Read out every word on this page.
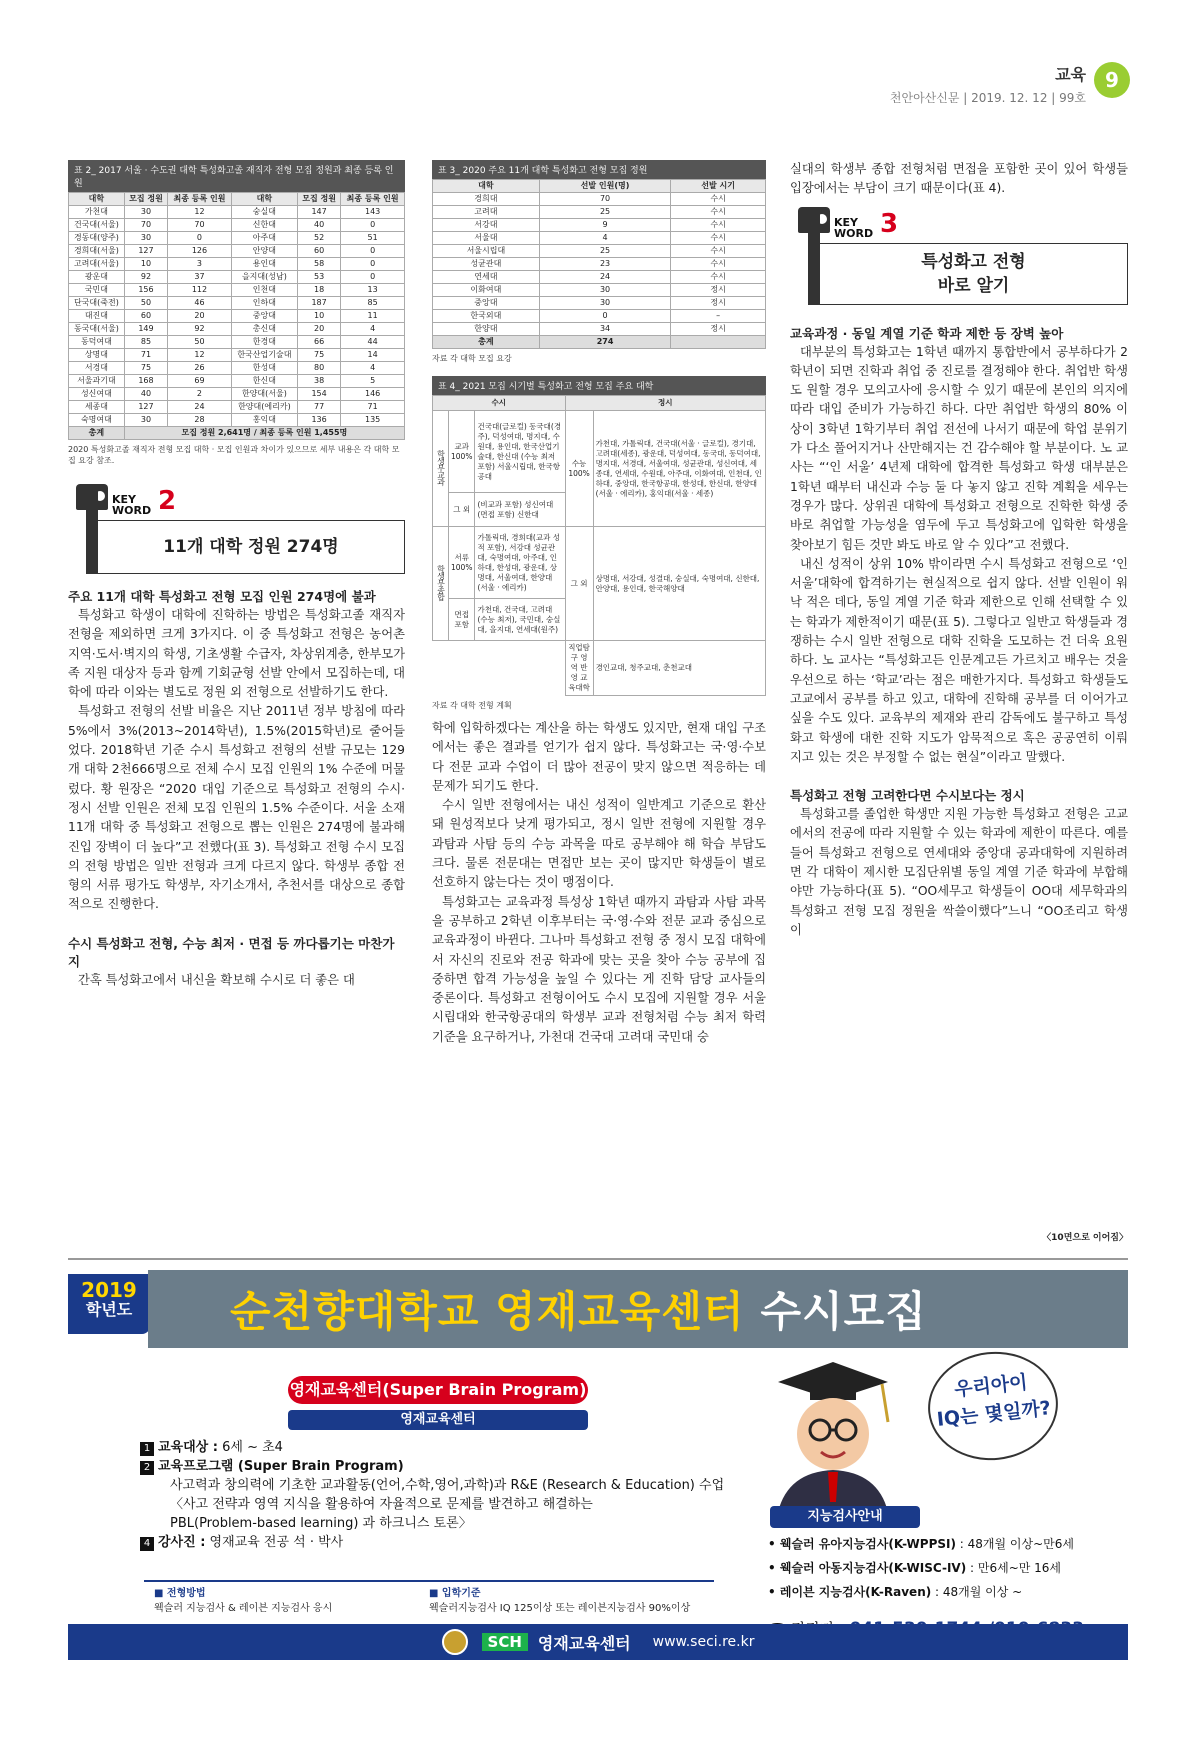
교육
천안아산신문 | 2019. 12. 12 | 99호
9
표 2_ 2017 서울 · 수도권 대학 특성화고졸 재직자 전형 모집 정원과 최종 등록 인원
대학	모집 정원	최종 등록 인원	대학	모집 정원	최종 등록 인원
가천대	30	12	숭실대	147	143
건국대(서울)	70	70	신한대	40	0
경동대(양주)	30	0	아주대	52	51
경희대(서울)	127	126	안양대	60	0
고려대(서울)	10	3	용인대	58	0
광운대	92	37	을지대(성남)	53	0
국민대	156	112	인천대	18	13
단국대(죽전)	50	46	인하대	187	85
대진대	60	20	중앙대	10	11
동국대(서울)	149	92	총신대	20	4
동덕여대	85	50	한경대	66	44
상명대	71	12	한국산업기술대	75	14
서경대	75	26	한성대	80	4
서울과기대	168	69	한신대	38	5
성신여대	40	2	한양대(서울)	154	146
세종대	127	24	한양대(에리카)	77	71
숙명여대	30	28	홍익대	136	135
총계	모집 정원 2,641명 / 최종 등록 인원 1,455명				
2020 특성화고졸 재직자 전형 모집 대학 · 모집 인원과 차이가 있으므로 세부 내용은 각 대학 모집 요강 참조.
KEY
WORD 2
11개 대학 정원 274명
주요 11개 대학 특성화고 전형 모집 인원 274명에 불과

특성화고 학생이 대학에 진학하는 방법은 특성화고졸 재직자 전형을 제외하면 크게 3가지다. 이 중 특성화고 전형은 농어촌 지역·도서·벽지의 학생, 기초생활 수급자, 차상위계층, 한부모가족 지원 대상자 등과 함께 기회균형 선발 안에서 모집하는데, 대학에 따라 이와는 별도로 정원 외 전형으로 선발하기도 한다.

특성화고 전형의 선발 비율은 지난 2011년 정부 방침에 따라 5%에서 3%(2013~2014학년), 1.5%(2015학년)로 줄어들었다. 2018학년 기준 수시 특성화고 전형의 선발 규모는 129개 대학 2천666명으로 전체 수시 모집 인원의 1% 수준에 머물렀다. 황 원장은 “2020 대입 기준으로 특성화고 전형의 수시·정시 선발 인원은 전체 모집 인원의 1.5% 수준이다. 서울 소재 11개 대학 중 특성화고 전형으로 뽑는 인원은 274명에 불과해 진입 장벽이 더 높다”고 전했다(표 3). 특성화고 전형 수시 모집의 전형 방법은 일반 전형과 크게 다르지 않다. 학생부 종합 전형의 서류 평가도 학생부, 자기소개서, 추천서를 대상으로 종합적으로 진행한다.

수시 특성화고 전형, 수능 최저 · 면접 등 까다롭기는 마찬가지

간혹 특성화고에서 내신을 확보해 수시로 더 좋은 대

표 3_ 2020 주요 11개 대학 특성화고 전형 모집 정원
대학	선발 인원(명)	선발 시기
경희대	70	수시
고려대	25	수시
서강대	9	수시
서울대	4	수시
서울시립대	25	수시
성균관대	23	수시
연세대	24	수시
이화여대	30	정시
중앙대	30	정시
한국외대	0	–
한양대	34	정시
총계	274	
자료 각 대학 모집 요강
표 4_ 2021 모집 시기별 특성화고 전형 모집 주요 대학
수시			정시	
학생부교과	교과 100%	건국대(글로컬) 동국대(경주), 덕성여대, 명지대, 수원대, 용인대, 한국산업기술대, 한신대 (수능 최저 포함) 서울시립대, 한국항공대	수능 100%	가천대, 가톨릭대, 건국대(서울 · 글로컬), 경기대, 고려대(세종), 광운대, 덕성여대, 동국대, 동덕여대, 명지대, 서경대, 서울여대, 성균관대, 성신여대, 세종대, 연세대, 수원대, 아주대, 이화여대, 인천대, 인하대, 중앙대, 한국항공대, 한성대, 한신대, 한양대(서울 · 에리카), 홍익대(서울 · 세종)
	그 외	(비교과 포함) 성신여대 (면접 포함) 신한대		
학생부종합	서류 100%	가톨릭대, 경희대(교과 성적 포함), 서강대 성균관대, 숙명여대, 아주대, 인하대, 한성대, 광운대, 상명대, 서울여대, 한양대 (서울 · 에리카)	그 외	상명대, 서강대, 성결대, 숭실대, 숙명여대, 신한대, 안양대, 용인대, 한국해양대
	면접 포함	가천대, 건국대, 고려대 (수능 최저), 국민대, 숭실대, 을지대, 연세대(원주)		
			직업탐구 영역 반영 교육대학	경인교대, 청주교대, 춘천교대
자료 각 대학 전형 계획

학에 입학하겠다는 계산을 하는 학생도 있지만, 현재 대입 구조에서는 좋은 결과를 얻기가 쉽지 않다. 특성화고는 국·영·수보다 전문 교과 수업이 더 많아 전공이 맞지 않으면 적응하는 데 문제가 되기도 한다.

수시 일반 전형에서는 내신 성적이 일반계고 기준으로 환산돼 원성적보다 낮게 평가되고, 정시 일반 전형에 지원할 경우 과탐과 사탐 등의 수능 과목을 따로 공부해야 해 학습 부담도 크다. 물론 전문대는 면접만 보는 곳이 많지만 학생들이 별로 선호하지 않는다는 것이 맹점이다.

특성화고는 교육과정 특성상 1학년 때까지 과탐과 사탐 과목을 공부하고 2학년 이후부터는 국·영·수와 전문 교과 중심으로 교육과정이 바뀐다. 그나마 특성화고 전형 중 정시 모집 대학에서 자신의 진로와 전공 학과에 맞는 곳을 찾아 수능 공부에 집중하면 합격 가능성을 높일 수 있다는 게 진학 담당 교사들의 중론이다. 특성화고 전형이어도 수시 모집에 지원할 경우 서울시립대와 한국항공대의 학생부 교과 전형처럼 수능 최저 학력 기준을 요구하거나, 가천대 건국대 고려대 국민대 숭

실대의 학생부 종합 전형처럼 면접을 포함한 곳이 있어 학생들 입장에서는 부담이 크기 때문이다(표 4).

KEY
WORD 3
특성화고 전형
바로 알기
교육과정 · 동일 계열 기준 학과 제한 등 장벽 높아

대부분의 특성화고는 1학년 때까지 통합반에서 공부하다가 2학년이 되면 진학과 취업 중 진로를 결정해야 한다. 취업반 학생도 원할 경우 모의고사에 응시할 수 있기 때문에 본인의 의지에 따라 대입 준비가 가능하긴 하다. 다만 취업반 학생의 80% 이상이 3학년 1학기부터 취업 전선에 나서기 때문에 학업 분위기가 다소 풀어지거나 산만해지는 건 감수해야 할 부분이다. 노 교사는 “‘인 서울’ 4년제 대학에 합격한 특성화고 학생 대부분은 1학년 때부터 내신과 수능 둘 다 놓지 않고 진학 계획을 세우는 경우가 많다. 상위권 대학에 특성화고 전형으로 진학한 학생 중 바로 취업할 가능성을 염두에 두고 특성화고에 입학한 학생을 찾아보기 힘든 것만 봐도 바로 알 수 있다”고 전했다.

내신 성적이 상위 10% 밖이라면 수시 특성화고 전형으로 ‘인서울’대학에 합격하기는 현실적으로 쉽지 않다. 선발 인원이 워낙 적은 데다, 동일 계열 기준 학과 제한으로 인해 선택할 수 있는 학과가 제한적이기 때문(표 5). 그렇다고 일반고 학생들과 경쟁하는 수시 일반 전형으로 대학 진학을 도모하는 건 더욱 요원하다. 노 교사는 “특성화고든 인문계고든 가르치고 배우는 것을 우선으로 하는 ‘학교’라는 점은 매한가지다. 특성화고 학생들도 고교에서 공부를 하고 있고, 대학에 진학해 공부를 더 이어가고 싶을 수도 있다. 교육부의 제재와 관리 감독에도 불구하고 특성화고 학생에 대한 진학 지도가 암묵적으로 혹은 공공연히 이뤄지고 있는 것은 부정할 수 없는 현실”이라고 말했다.

특성화고 전형 고려한다면 수시보다는 정시

특성화고를 졸업한 학생만 지원 가능한 특성화고 전형은 고교에서의 전공에 따라 지원할 수 있는 학과에 제한이 따른다. 예를 들어 특성화고 전형으로 연세대와 중앙대 공과대학에 지원하려면 각 대학이 제시한 모집단위별 동일 계열 기준 학과에 부합해야만 가능하다(표 5). “OO세무고 학생들이 OO대 세무학과의 특성화고 전형 모집 정원을 싹쓸이했다”느니 “OO조리고 학생이

〈10면으로 이어짐〉
2019
학년도	순천향대학교 영재교육센터 수시모집
영재교육센터(Super Brain Program)
영재교육센터
1 교육대상 : 6세 ~ 초4
2 교육프로그램 (Super Brain Program)
사고력과 창의력에 기초한 교과활동(언어,수학,영어,과학)과 R&E (Research & Education) 수업
〈사고 전략과 영역 지식을 활용하여 자율적으로 문제를 발견하고 해결하는
PBL(Problem-based learning) 과 하크니스 토론〉
4 강사진 : 영재교육 전공 석 · 박사
■ 전형방법
웩슬러 지능검사 & 레이븐 지능검사 응시
■ 입학기준
웩슬러지능검사 IQ 125이상 또는 레이븐지능검사 90%이상
우리아이
IQ는 몇일까?
지능검사안내
• 웩슬러 유아지능검사(K-WPPSI) : 48개월 이상~만6세
• 웩슬러 아동지능검사(K-WISC-IV) : 만6세~만 16세
• 레이븐 지능검사(K-Raven) : 48개월 이상 ~
SCH	영재교육센터 www.seci.re.kr
